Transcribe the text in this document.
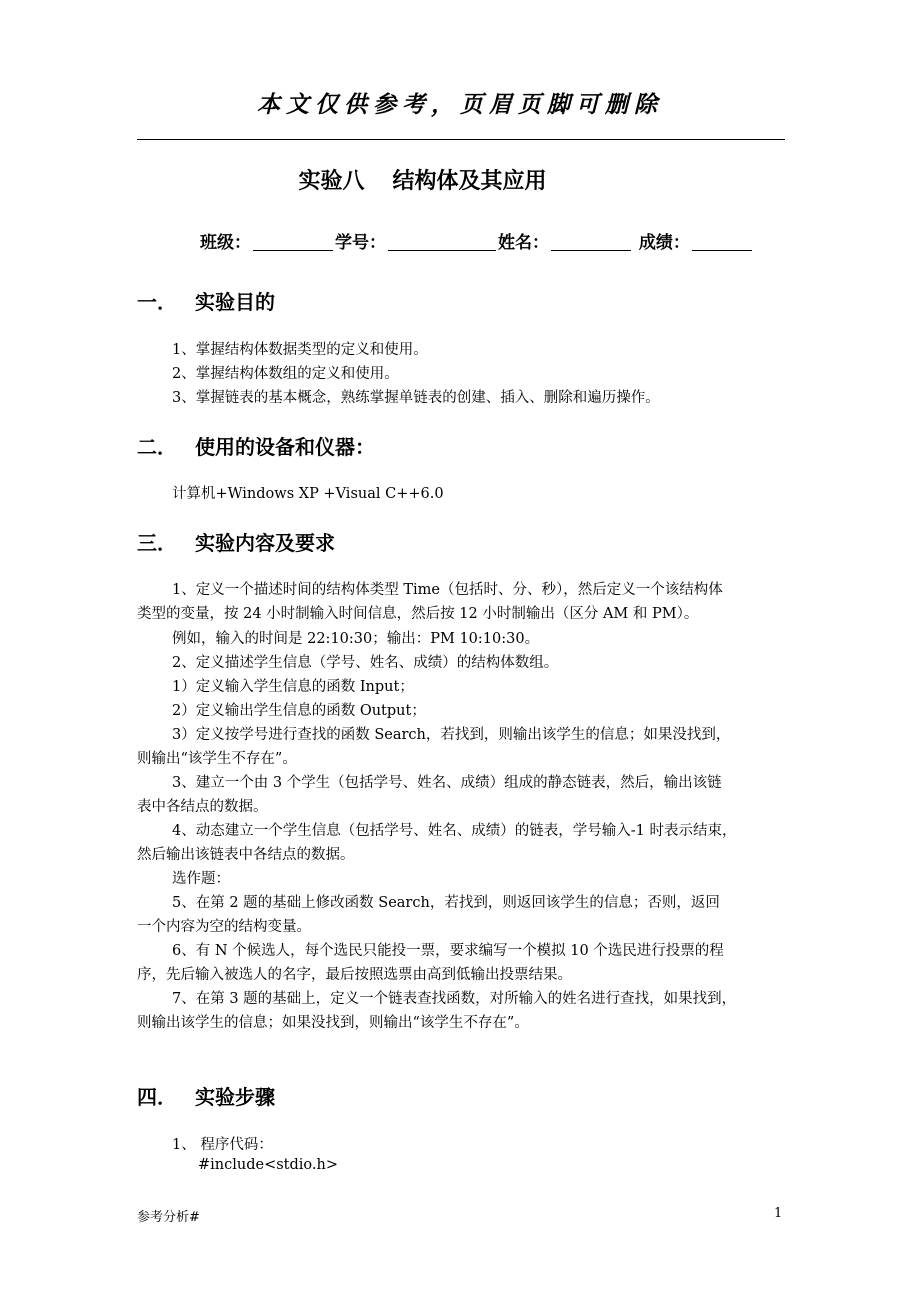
本文仅供参考，页眉页脚可删除
实验八 结构体及其应用
班级：	学号：	姓名：	成绩：
一． 实验目的
1、掌握结构体数据类型的定义和使用。
2、掌握结构体数组的定义和使用。
3、掌握链表的基本概念，熟练掌握单链表的创建、插入、删除和遍历操作。
二． 使用的设备和仪器：
计算机+Windows XP +Visual C++6.0
三． 实验内容及要求
1、定义一个描述时间的结构体类型 Time（包括时、分、秒），然后定义一个该结构体
类型的变量，按 24 小时制输入时间信息，然后按 12 小时制输出（区分 AM 和 PM）。
例如，输入的时间是 22:10:30；输出：PM 10:10:30。
2、定义描述学生信息（学号、姓名、成绩）的结构体数组。
1）定义输入学生信息的函数 Input；
2）定义输出学生信息的函数 Output；
3）定义按学号进行查找的函数 Search，若找到，则输出该学生的信息；如果没找到，
则输出“该学生不存在”。
3、建立一个由 3 个学生（包括学号、姓名、成绩）组成的静态链表，然后，输出该链
表中各结点的数据。
4、动态建立一个学生信息（包括学号、姓名、成绩）的链表，学号输入-1 时表示结束，
然后输出该链表中各结点的数据。
选作题：
5、在第 2 题的基础上修改函数 Search，若找到，则返回该学生的信息；否则，返回
一个内容为空的结构变量。
6、有 N 个候选人，每个选民只能投一票，要求编写一个模拟 10 个选民进行投票的程
序，先后输入被选人的名字，最后按照选票由高到低输出投票结果。
7、在第 3 题的基础上，定义一个链表查找函数，对所输入的姓名进行查找，如果找到，
则输出该学生的信息；如果没找到，则输出“该学生不存在”。
四． 实验步骤
1、 程序代码：
#include<stdio.h>
参考分析#	1
